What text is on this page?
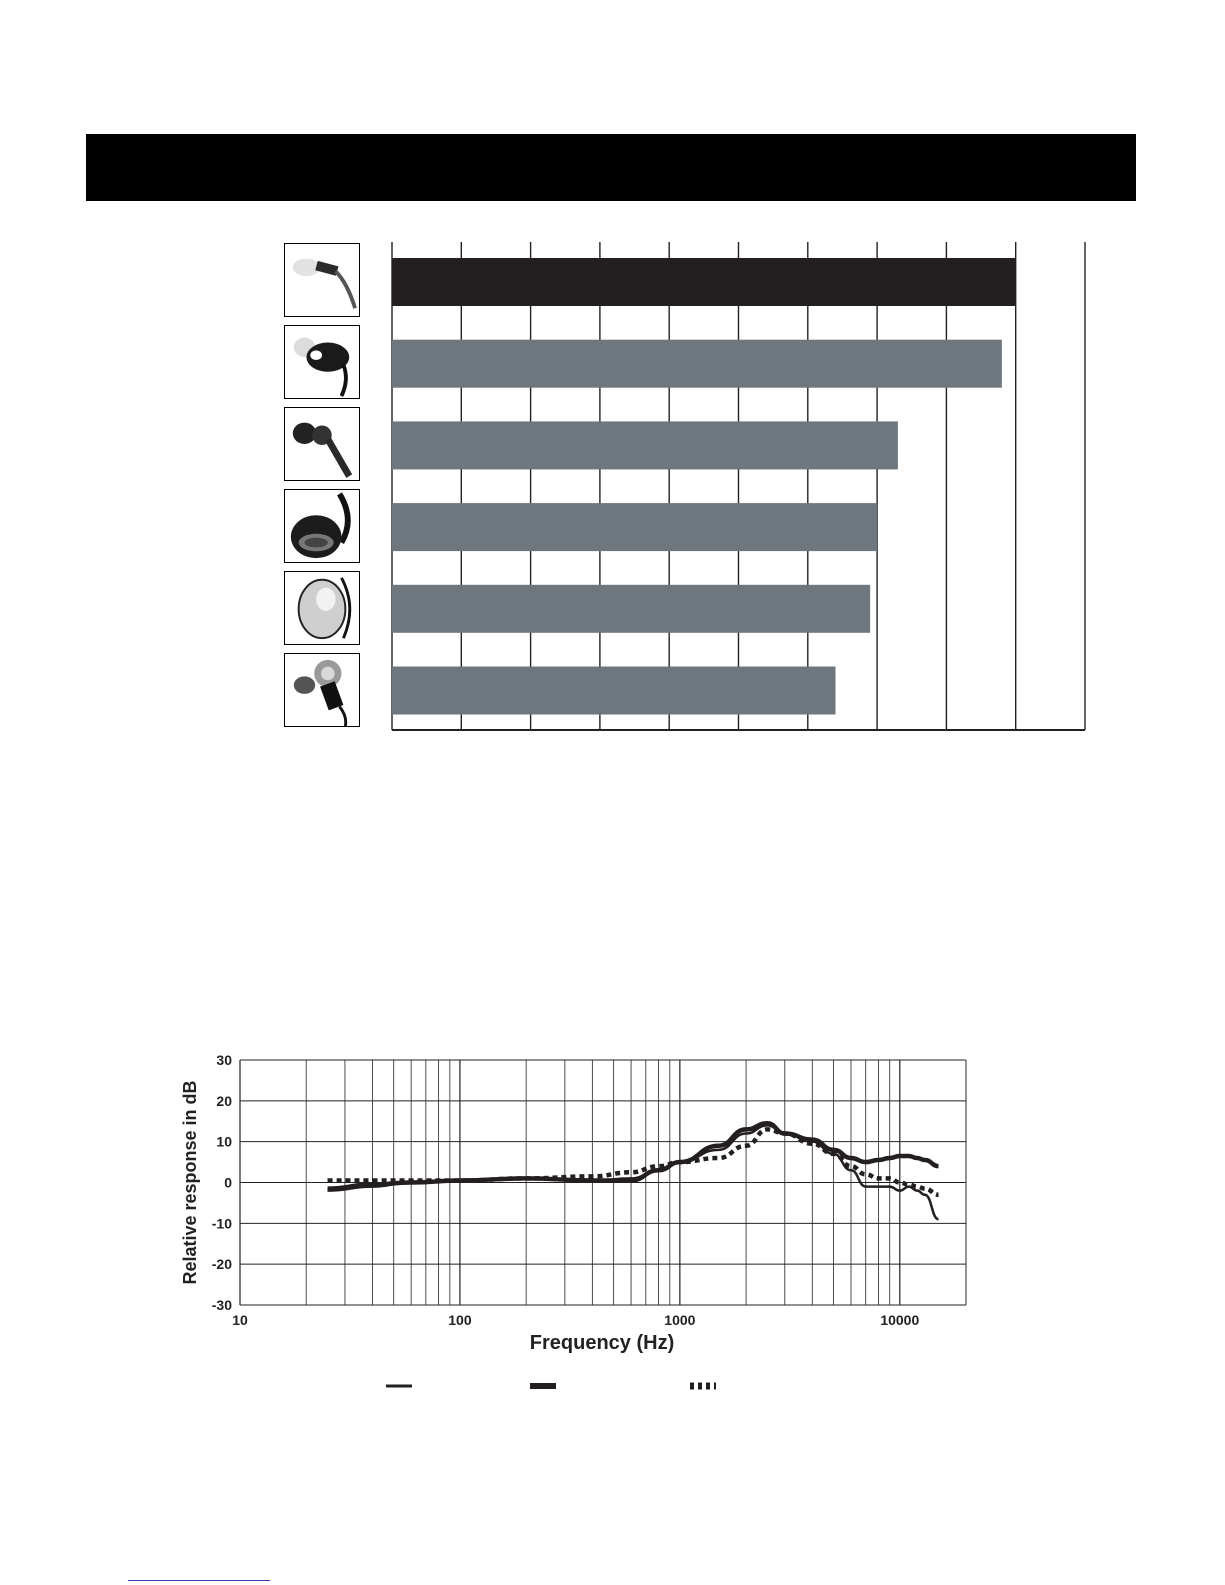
-30
-20
-10
0
10
20
30
10	100	1000	10000
Frequency (Hz)
Relative response in dB
